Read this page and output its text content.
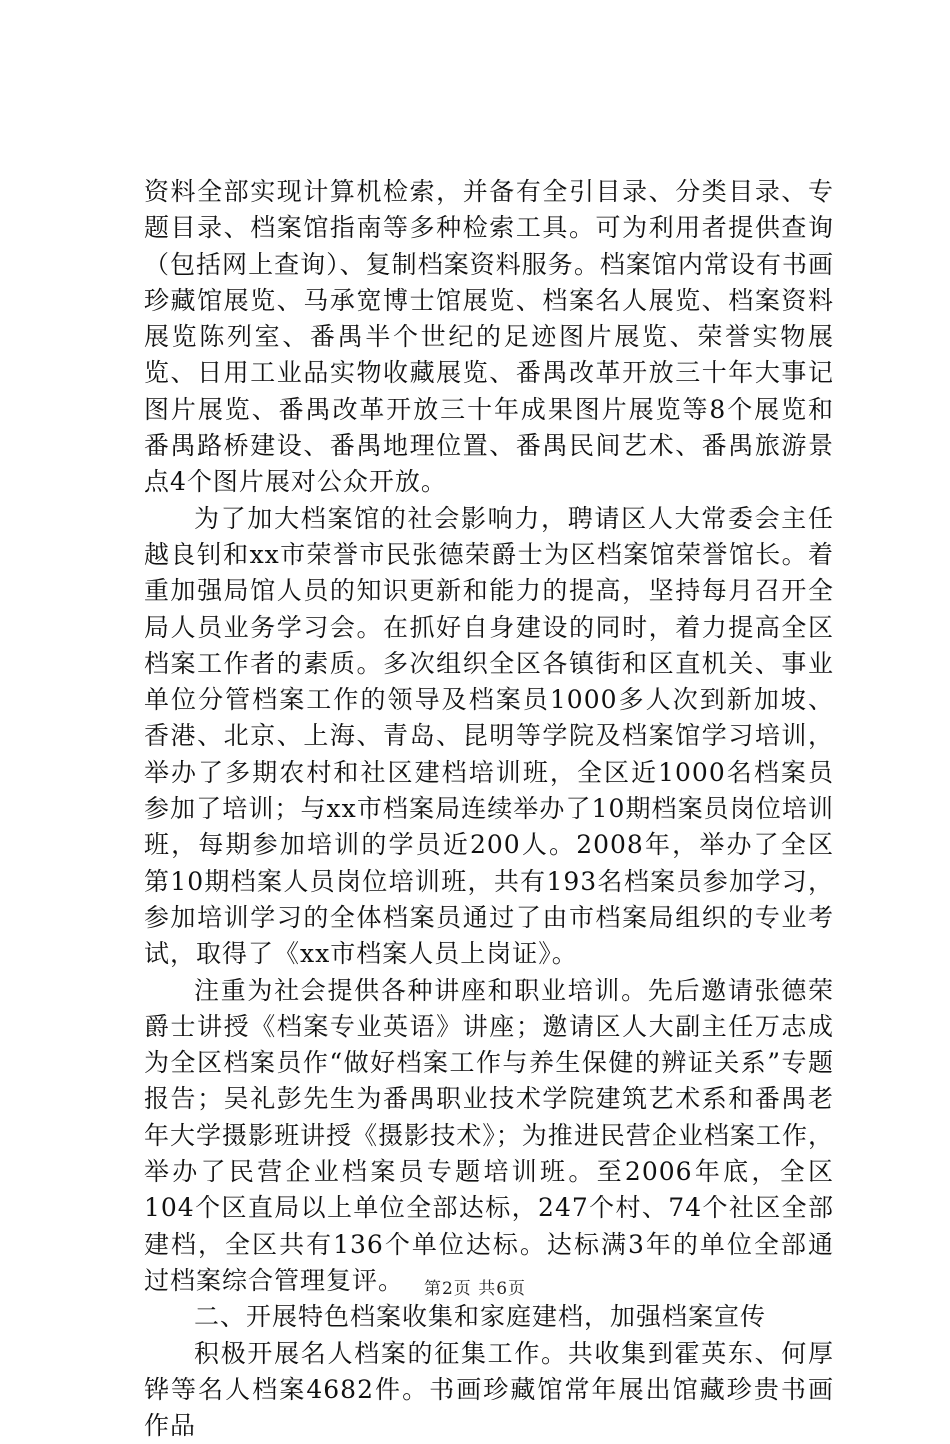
资料全部实现计算机检索，并备有全引目录、分类目录、专题目录、档案馆指南等多种检索工具。可为利用者提供查询（包括网上查询）、复制档案资料服务。档案馆内常设有书画珍藏馆展览、马承宽博士馆展览、档案名人展览、档案资料展览陈列室、番禺半个世纪的足迹图片展览、荣誉实物展览、日用工业品实物收藏展览、番禺改革开放三十年大事记图片展览、番禺改革开放三十年成果图片展览等8个展览和番禺路桥建设、番禺地理位置、番禺民间艺术、番禺旅游景点4个图片展对公众开放。

为了加大档案馆的社会影响力，聘请区人大常委会主任越良钊和xx市荣誉市民张德荣爵士为区档案馆荣誉馆长。着重加强局馆人员的知识更新和能力的提高，坚持每月召开全局人员业务学习会。在抓好自身建设的同时，着力提高全区档案工作者的素质。多次组织全区各镇街和区直机关、事业单位分管档案工作的领导及档案员1000多人次到新加坡、香港、北京、上海、青岛、昆明等学院及档案馆学习培训，举办了多期农村和社区建档培训班，全区近1000名档案员参加了培训；与xx市档案局连续举办了10期档案员岗位培训班，每期参加培训的学员近200人。2008年，举办了全区第10期档案人员岗位培训班，共有193名档案员参加学习，参加培训学习的全体档案员通过了由市档案局组织的专业考试，取得了《xx市档案人员上岗证》。

注重为社会提供各种讲座和职业培训。先后邀请张德荣爵士讲授《档案专业英语》讲座；邀请区人大副主任万志成为全区档案员作“做好档案工作与养生保健的辨证关系”专题报告；吴礼彭先生为番禺职业技术学院建筑艺术系和番禺老年大学摄影班讲授《摄影技术》；为推进民营企业档案工作，举办了民营企业档案员专题培训班。至2006年底，全区104个区直局以上单位全部达标，247个村、74个社区全部建档，全区共有136个单位达标。达标满3年的单位全部通过档案综合管理复评。

二、开展特色档案收集和家庭建档，加强档案宣传

积极开展名人档案的征集工作。共收集到霍英东、何厚铧等名人档案4682件。书画珍藏馆常年展出馆藏珍贵书画作品

第2页 共6页
